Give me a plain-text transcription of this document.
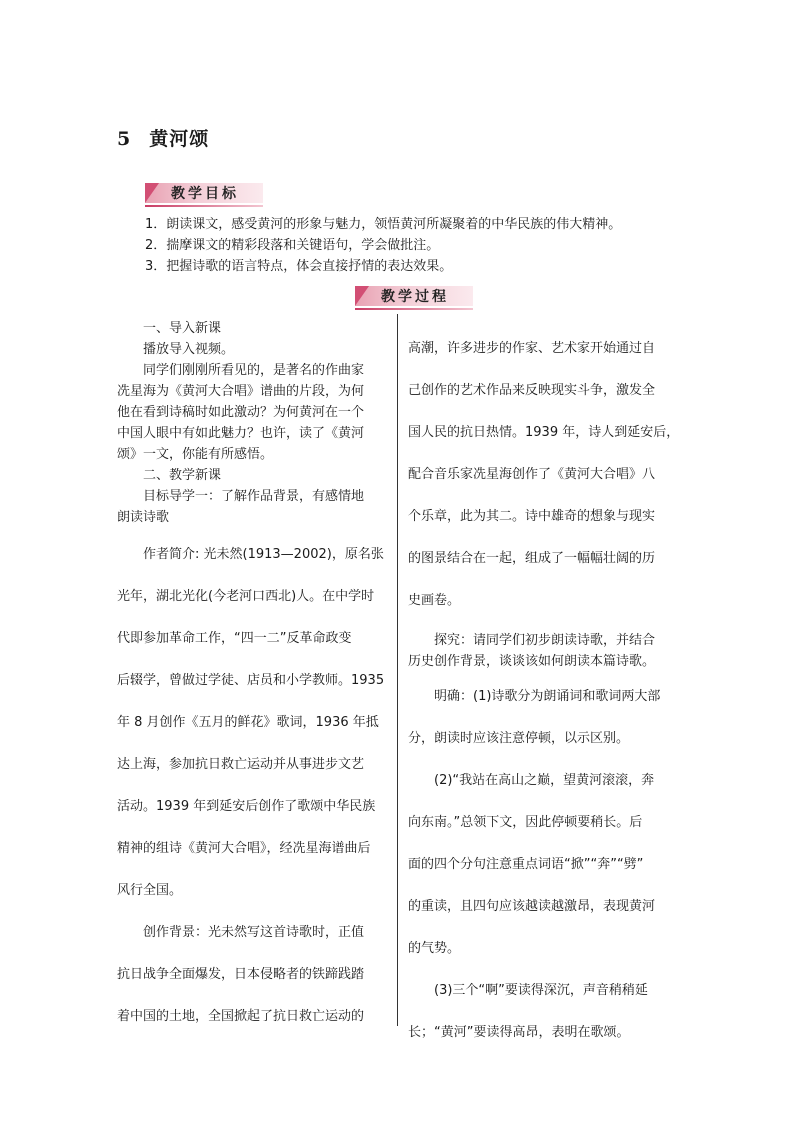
5 黄河颂
教学目标
1．朗读课文，感受黄河的形象与魅力，领悟黄河所凝聚着的中华民族的伟大精神。
2．揣摩课文的精彩段落和关键语句，学会做批注。
3．把握诗歌的语言特点，体会直接抒情的表达效果。
教学过程

一、导入新课

播放导入视频。

同学们刚刚所看见的，是著名的作曲家

冼星海为《黄河大合唱》谱曲的片段，为何

他在看到诗稿时如此激动？为何黄河在一个

中国人眼中有如此魅力？也许，读了《黄河

颂》一文，你能有所感悟。

二、教学新课

目标导学一：了解作品背景，有感情地

朗读诗歌

作者简介: 光未然(1913—2002)，原名张

光年，湖北光化(今老河口西北)人。在中学时

代即参加革命工作，“四一二”反革命政变

后辍学，曾做过学徒、店员和小学教师。1935

年 8 月创作《五月的鲜花》歌词，1936 年抵

达上海，参加抗日救亡运动并从事进步文艺

活动。1939 年到延安后创作了歌颂中华民族

精神的组诗《黄河大合唱》，经冼星海谱曲后

风行全国。

创作背景：光未然写这首诗歌时，正值

抗日战争全面爆发，日本侵略者的铁蹄践踏

着中国的土地，全国掀起了抗日救亡运动的

高潮，许多进步的作家、艺术家开始通过自

己创作的艺术作品来反映现实斗争，激发全

国人民的抗日热情。1939 年，诗人到延安后，

配合音乐家冼星海创作了《黄河大合唱》八

个乐章，此为其二。诗中雄奇的想象与现实

的图景结合在一起，组成了一幅幅壮阔的历

史画卷。

探究：请同学们初步朗读诗歌，并结合

历史创作背景，谈谈该如何朗读本篇诗歌。

明确：(1)诗歌分为朗诵词和歌词两大部

分，朗读时应该注意停顿，以示区别。

(2)“我站在高山之巅，望黄河滚滚，奔

向东南。”总领下文，因此停顿要稍长。后

面的四个分句注意重点词语“掀”“奔”“劈”

的重读，且四句应该越读越激昂，表现黄河

的气势。

(3)三个“啊”要读得深沉，声音稍稍延

长；“黄河”要读得高昂，表明在歌颂。
